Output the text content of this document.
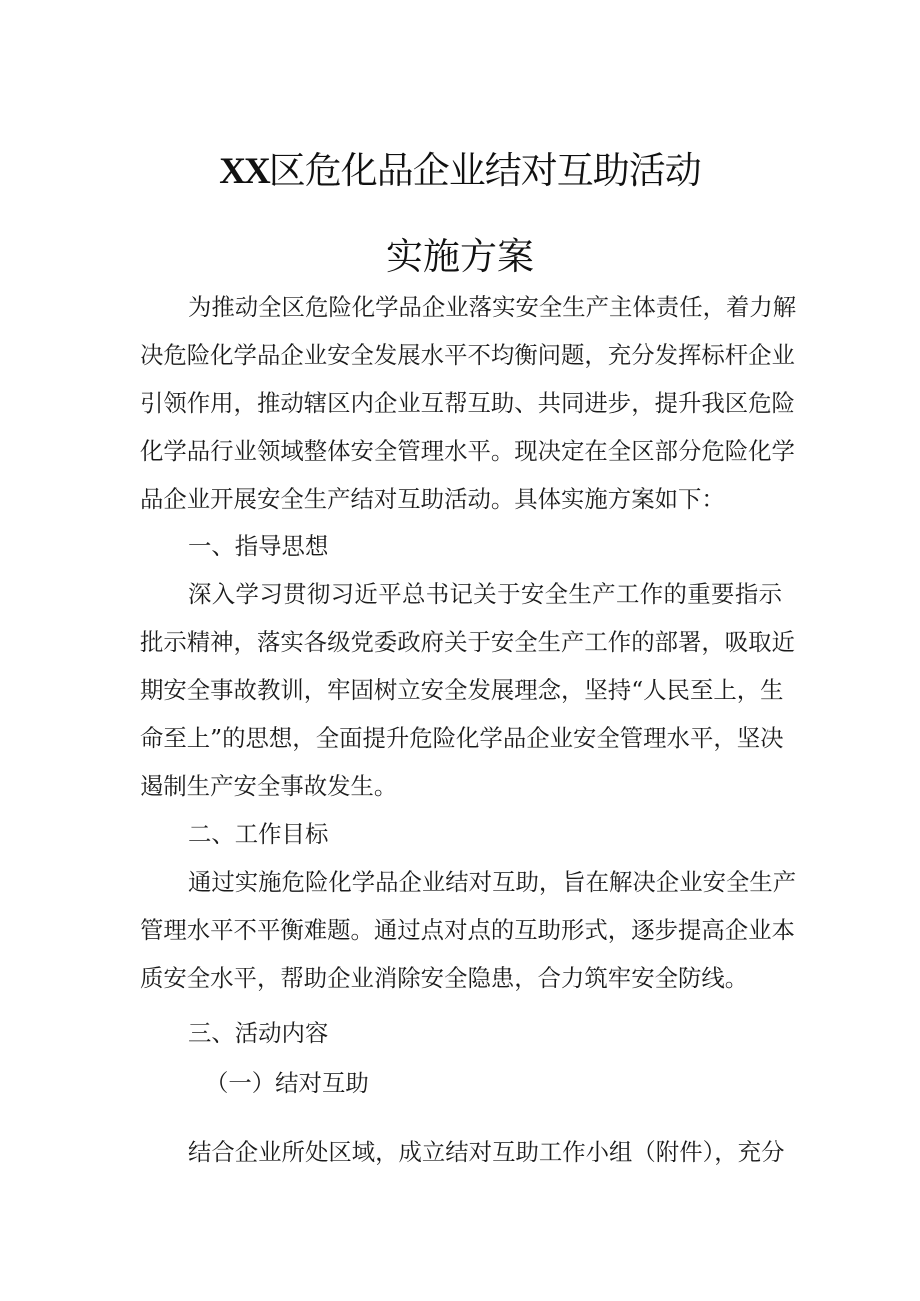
XX区危化品企业结对互助活动
实施方案
为推动全区危险化学品企业落实安全生产主体责任，着力解
决危险化学品企业安全发展水平不均衡问题，充分发挥标杆企业
引领作用，推动辖区内企业互帮互助、共同进步，提升我区危险
化学品行业领域整体安全管理水平。现决定在全区部分危险化学
品企业开展安全生产结对互助活动。具体实施方案如下：
一、指导思想
深入学习贯彻习近平总书记关于安全生产工作的重要指示
批示精神，落实各级党委政府关于安全生产工作的部署，吸取近
期安全事故教训，牢固树立安全发展理念，坚持“人民至上，生
命至上”的思想，全面提升危险化学品企业安全管理水平，坚决
遏制生产安全事故发生。
二、工作目标
通过实施危险化学品企业结对互助，旨在解决企业安全生产
管理水平不平衡难题。通过点对点的互助形式，逐步提高企业本
质安全水平，帮助企业消除安全隐患，合力筑牢安全防线。
三、活动内容
（一）结对互助
结合企业所处区域，成立结对互助工作小组（附件），充分
